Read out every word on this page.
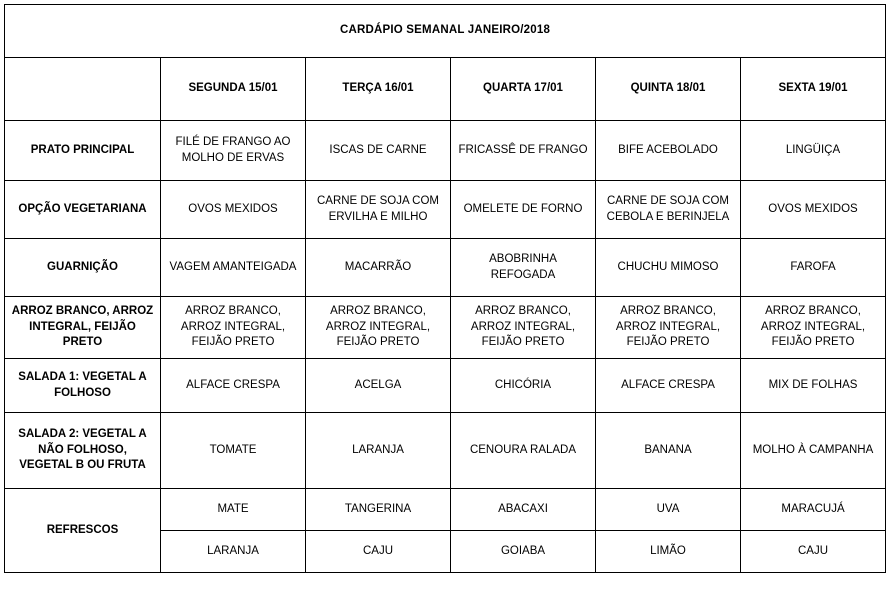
CARDÁPIO SEMANAL JANEIRO/2018					
	SEGUNDA 15/01	TERÇA 16/01	QUARTA 17/01	QUINTA 18/01	SEXTA 19/01
PRATO PRINCIPAL	FILÉ DE FRANGO AO MOLHO DE ERVAS	ISCAS DE CARNE	FRICASSÊ DE FRANGO	BIFE ACEBOLADO	LINGÜIÇA
OPÇÃO VEGETARIANA	OVOS MEXIDOS	CARNE DE SOJA COM ERVILHA E MILHO	OMELETE DE FORNO	CARNE DE SOJA COM CEBOLA E BERINJELA	OVOS MEXIDOS
GUARNIÇÃO	VAGEM AMANTEIGADA	MACARRÃO	ABOBRINHA REFOGADA	CHUCHU MIMOSO	FAROFA
ARROZ BRANCO, ARROZ INTEGRAL, FEIJÃO PRETO	ARROZ BRANCO, ARROZ INTEGRAL, FEIJÃO PRETO	ARROZ BRANCO, ARROZ INTEGRAL, FEIJÃO PRETO	ARROZ BRANCO, ARROZ INTEGRAL, FEIJÃO PRETO	ARROZ BRANCO, ARROZ INTEGRAL, FEIJÃO PRETO	ARROZ BRANCO, ARROZ INTEGRAL, FEIJÃO PRETO
SALADA 1: VEGETAL A FOLHOSO	ALFACE CRESPA	ACELGA	CHICÓRIA	ALFACE CRESPA	MIX DE FOLHAS
SALADA 2: VEGETAL A NÃO FOLHOSO, VEGETAL B OU FRUTA	TOMATE	LARANJA	CENOURA RALADA	BANANA	MOLHO À CAMPANHA
REFRESCOS	MATE	TANGERINA	ABACAXI	UVA	MARACUJÁ
	LARANJA	CAJU	GOIABA	LIMÃO	CAJU
